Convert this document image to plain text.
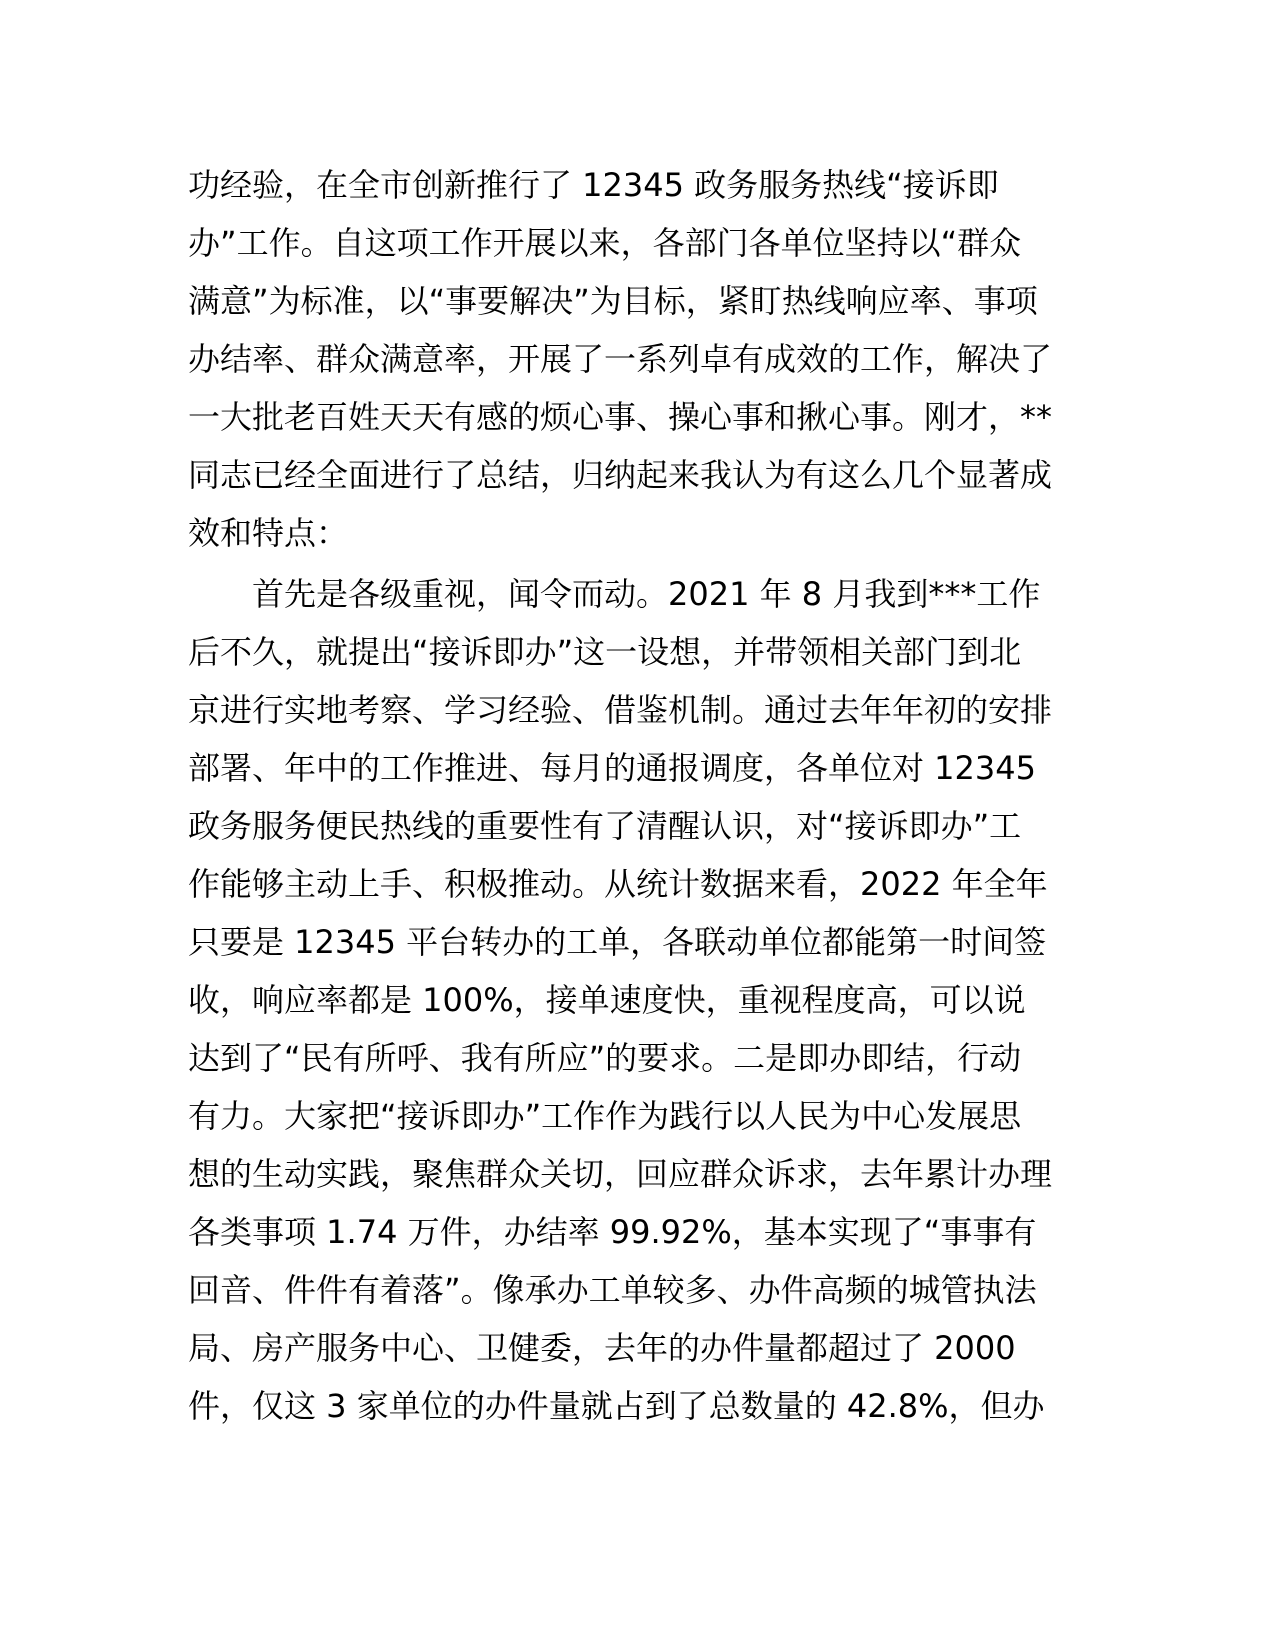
功经验，在全市创新推行了 12345 政务服务热线“接诉即
办”工作。自这项工作开展以来，各部门各单位坚持以“群众
满意”为标准，以“事要解决”为目标，紧盯热线响应率、事项
办结率、群众满意率，开展了一系列卓有成效的工作，解决了
一大批老百姓天天有感的烦心事、操心事和揪心事。刚才，**
同志已经全面进行了总结，归纳起来我认为有这么几个显著成
效和特点：
　　首先是各级重视，闻令而动。2021 年 8 月我到***工作
后不久，就提出“接诉即办”这一设想，并带领相关部门到北
京进行实地考察、学习经验、借鉴机制。通过去年年初的安排
部署、年中的工作推进、每月的通报调度，各单位对 12345
政务服务便民热线的重要性有了清醒认识，对“接诉即办”工
作能够主动上手、积极推动。从统计数据来看，2022 年全年
只要是 12345 平台转办的工单，各联动单位都能第一时间签
收，响应率都是 100%，接单速度快，重视程度高，可以说
达到了“民有所呼、我有所应”的要求。二是即办即结，行动
有力。大家把“接诉即办”工作作为践行以人民为中心发展思
想的生动实践，聚焦群众关切，回应群众诉求，去年累计办理
各类事项 1.74 万件，办结率 99.92%，基本实现了“事事有
回音、件件有着落”。像承办工单较多、办件高频的城管执法
局、房产服务中心、卫健委，去年的办件量都超过了 2000
件，仅这 3 家单位的办件量就占到了总数量的 42.8%，但办
